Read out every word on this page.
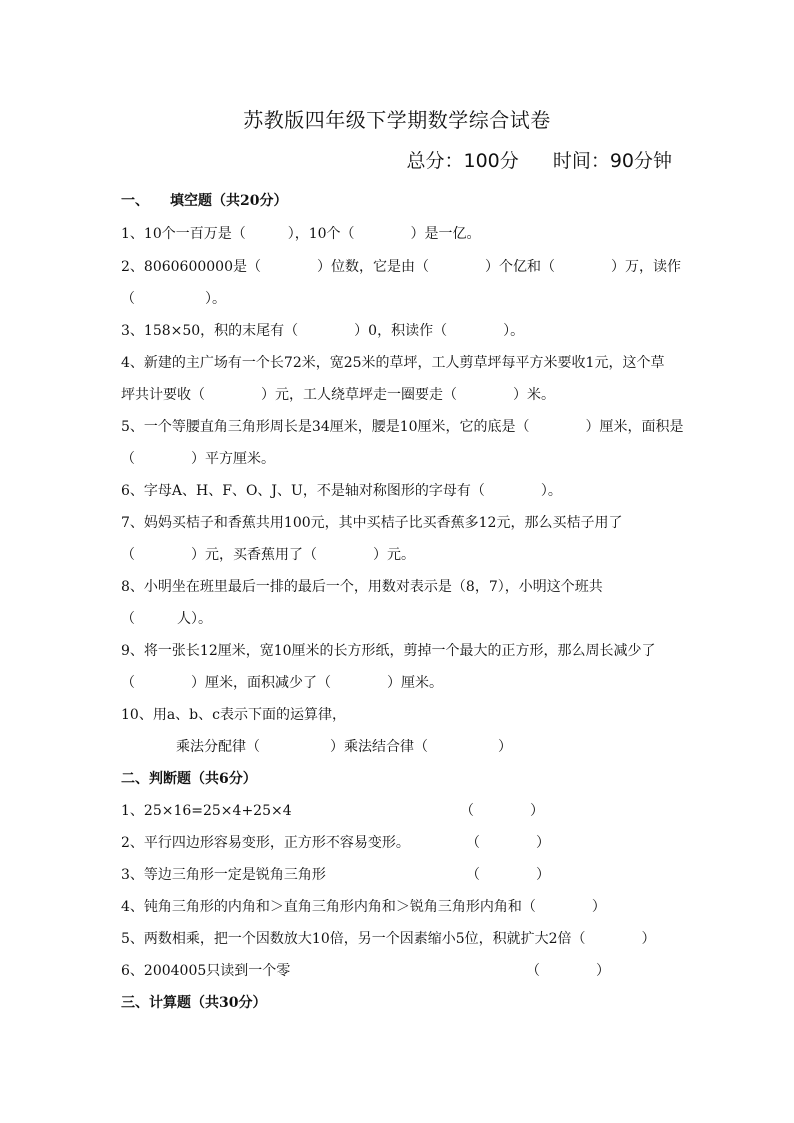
苏教版四年级下学期数学综合试卷
总分：100分 时间：90分钟
一、　　填空题（共20分）
1、10个一百万是（　　　），10个（　　　　）是一亿。
2、8060600000是（　　　　）位数，它是由（　　　　）个亿和（　　　　）万，读作
（　　　　　）。
3、158×50，积的末尾有（　　　　）0，积读作（　　　　）。
4、新建的主广场有一个长72米，宽25米的草坪，工人剪草坪每平方米要收1元，这个草
坪共计要收（　　　　）元，工人绕草坪走一圈要走（　　　　）米。
5、一个等腰直角三角形周长是34厘米，腰是10厘米，它的底是（　　　　）厘米，面积是
（　　　　）平方厘米。
6、字母A、H、F、O、J、U，不是轴对称图形的字母有（　　　　）。
7、妈妈买桔子和香蕉共用100元，其中买桔子比买香蕉多12元，那么买桔子用了
（　　　　）元，买香蕉用了（　　　　）元。
8、小明坐在班里最后一排的最后一个，用数对表示是（8，7），小明这个班共
（　　　人）。
9、将一张长12厘米，宽10厘米的长方形纸，剪掉一个最大的正方形，那么周长减少了
（　　　　）厘米，面积减少了（　　　　）厘米。
10、用a、b、c表示下面的运算律，
乘法分配律（　　　　　）乘法结合律（　　　　　）
二、判断题（共6分）
1、25×16=25×4+25×4	（　　　　）
2、平行四边形容易变形，正方形不容易变形。	（　　　　）
3、等边三角形一定是锐角三角形	（　　　　）
4、钝角三角形的内角和＞直角三角形内角和＞锐角三角形内角和（　　　　）
5、两数相乘，把一个因数放大10倍，另一个因素缩小5位，积就扩大2倍（　　　　）
6、2004005只读到一个零	（　　　　）
三、计算题（共30分）
